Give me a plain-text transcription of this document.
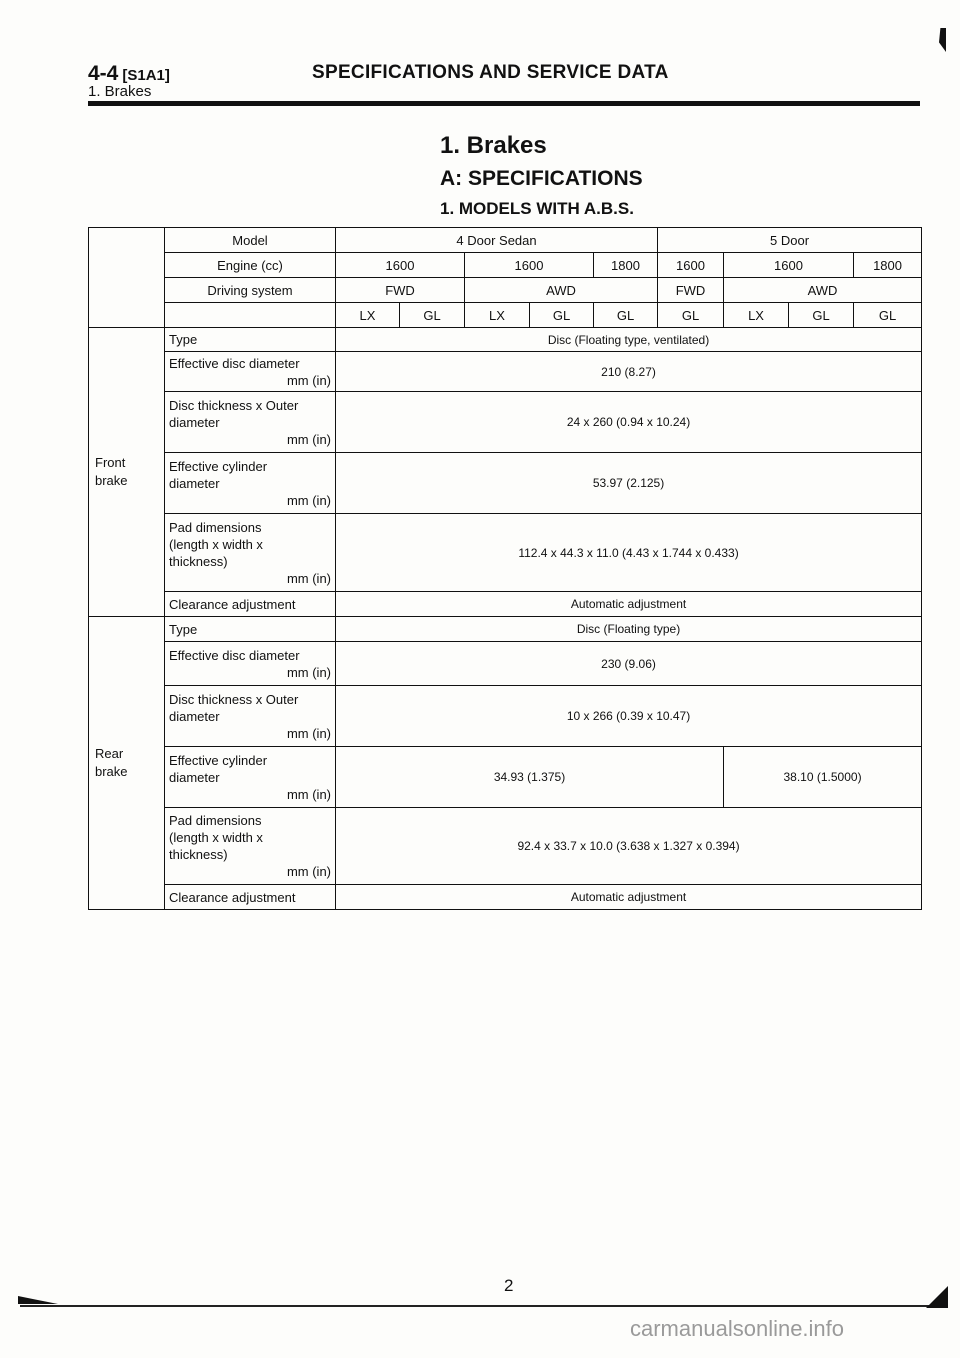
4-4 [S1A1]	SPECIFICATIONS AND SERVICE DATA
1. Brakes
1. Brakes
A: SPECIFICATIONS
1. MODELS WITH A.B.S.
	Model	4 Door Sedan					5 Door			
	Engine (cc)	1600		1600		1800	1600	1600		1800
	Driving system	FWD		AWD			FWD	AWD		
		LX	GL	LX	GL	GL	GL	LX	GL	GL

Front
brake	Type	Disc (Floating type, ventilated)								

	Effective disc diameter
mm (in)	210 (8.27)								

	Disc thickness x Outer
diameter
mm (in)	24 x 260 (0.94 x 10.24)								

	Effective cylinder
diameter
mm (in)	53.97 (2.125)								

	Pad dimensions
(length x width x
thickness)
mm (in)	112.4 x 44.3 x 11.0 (4.43 x 1.744 x 0.433)								
	Clearance adjustment	Automatic adjustment								

Rear
brake	Type	Disc (Floating type)								

	Effective disc diameter
mm (in)	230 (9.06)								

	Disc thickness x Outer
diameter
mm (in)	10 x 266 (0.39 x 10.47)								

	Effective cylinder
diameter
mm (in)	34.93 (1.375)						38.10 (1.5000)		

	Pad dimensions
(length x width x
thickness)
mm (in)	92.4 x 33.7 x 10.0 (3.638 x 1.327 x 0.394)								
	Clearance adjustment	Automatic adjustment								
2
carmanualsonline.info
